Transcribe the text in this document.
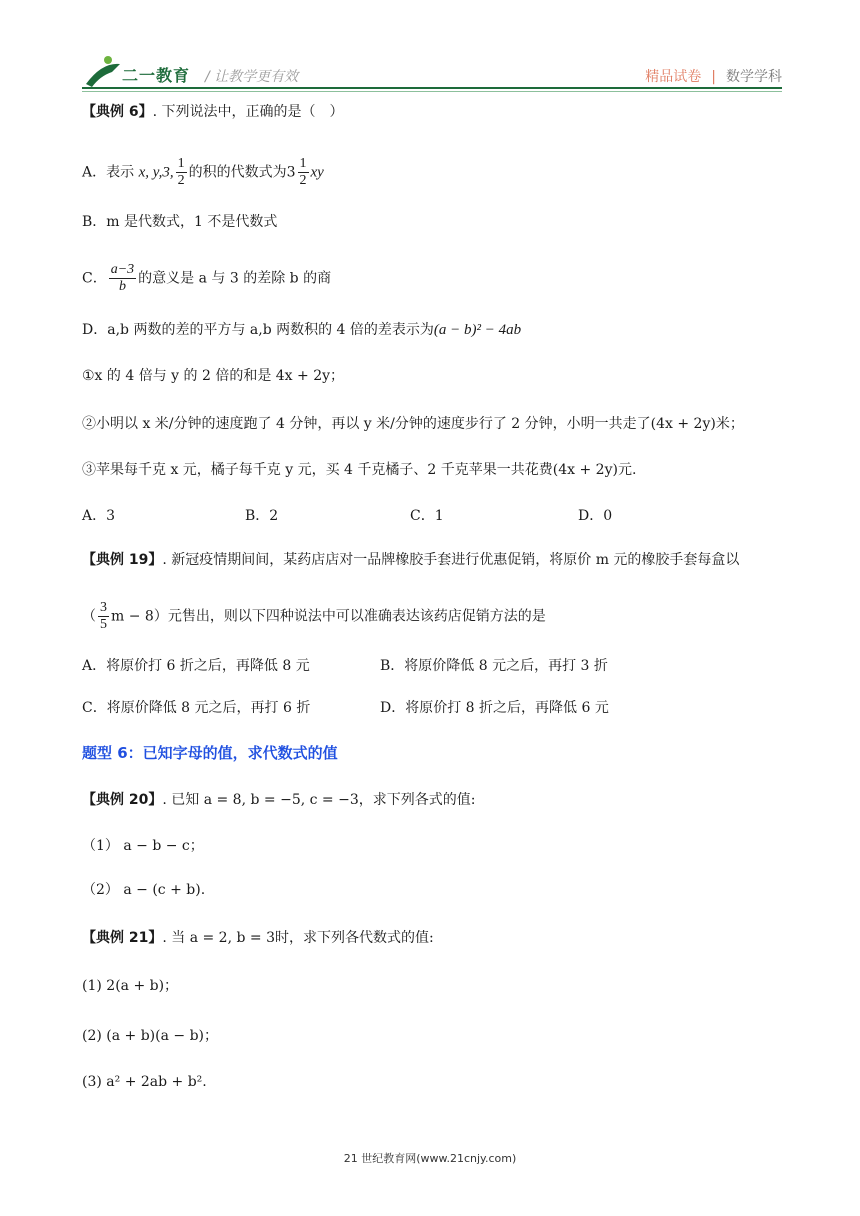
二一教育 / 让教学更有效	精品试卷 | 数学学科
【典例 6】. 下列说法中，正确的是（　）
A．表示 x, y,3, $\frac{1}{2}$ 的积的代数式为$3 \frac{1}{2}$ xy
B．m 是代数式，1 不是代数式
C． $\frac{a-3}{b}$ 的意义是 a 与 3 的差除 b 的商
D．a,b 两数的差的平方与 a,b 两数积的 4 倍的差表示为(a − b)² − 4ab
①x 的 4 倍与 y 的 2 倍的和是 4x + 2y；
②小明以 x 米/分钟的速度跑了 4 分钟，再以 y 米/分钟的速度步行了 2 分钟，小明一共走了(4x + 2y)米；
③苹果每千克 x 元，橘子每千克 y 元，买 4 千克橘子、2 千克苹果一共花费(4x + 2y)元.
A．3	B．2	C．1	D．0
【典例 19】. 新冠疫情期间间，某药店店对一品牌橡胶手套进行优惠促销，将原价 m 元的橡胶手套每盒以
（ $\frac{3}{5}$ m − 8）元售出，则以下四种说法中可以准确表达该药店促销方法的是
A．将原价打 6 折之后，再降低 8 元	B．将原价降低 8 元之后，再打 3 折
C．将原价降低 8 元之后，再打 6 折	D．将原价打 8 折之后，再降低 6 元
题型 6：已知字母的值，求代数式的值
【典例 20】. 已知 a = 8, b = −5, c = −3，求下列各式的值:
（1） a − b − c；
（2） a − (c + b).
【典例 21】. 当 a = 2, b = 3时，求下列各代数式的值:
(1) 2(a + b)；
(2) (a + b)(a − b)；
(3) a² + 2ab + b².
21 世纪教育网(www.21cnjy.com)
